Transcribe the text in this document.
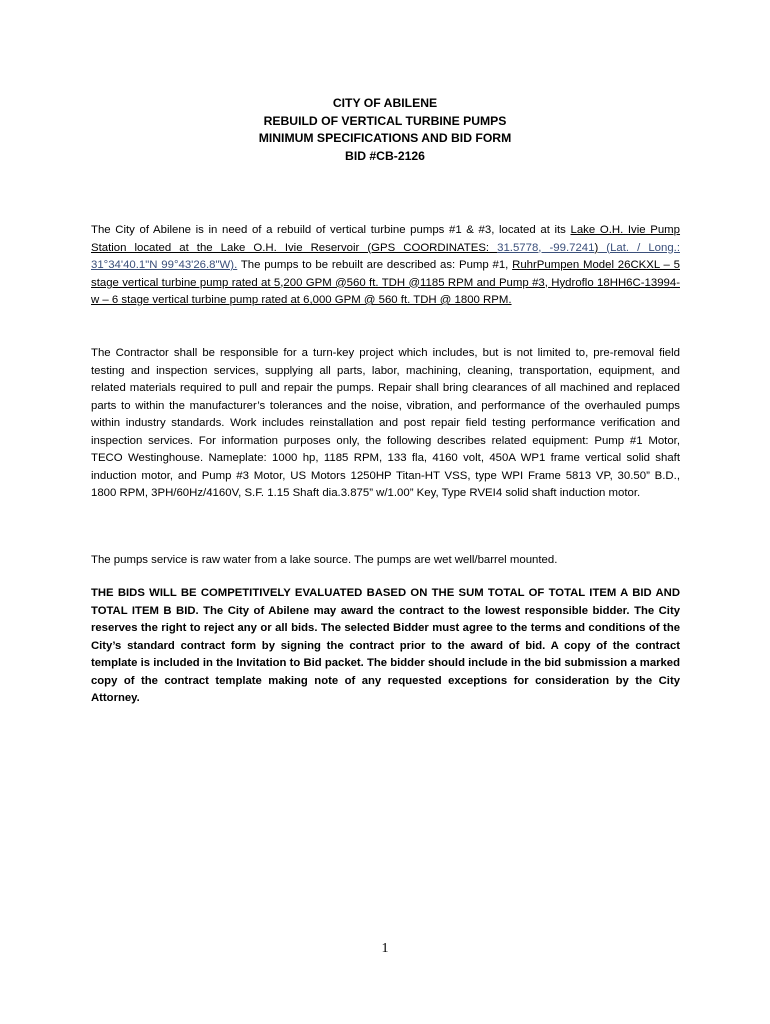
CITY OF ABILENE
REBUILD OF VERTICAL TURBINE PUMPS
MINIMUM SPECIFICATIONS AND BID FORM
BID #CB-2126

The City of Abilene is in need of a rebuild of vertical turbine pumps #1 & #3, located at its Lake O.H. Ivie Pump Station located at the Lake O.H. Ivie Reservoir (GPS COORDINATES: 31.5778, -99.7241) (Lat. / Long.: 31°34'40.1"N 99°43'26.8"W). The pumps to be rebuilt are described as: Pump #1, RuhrPumpen Model 26CKXL – 5 stage vertical turbine pump rated at 5,200 GPM @560 ft. TDH @1185 RPM and Pump #3, Hydroflo 18HH6C-13994-w – 6 stage vertical turbine pump rated at 6,000 GPM @ 560 ft. TDH @ 1800 RPM.

The Contractor shall be responsible for a turn-key project which includes, but is not limited to, pre-removal field testing and inspection services, supplying all parts, labor, machining, cleaning, transportation, equipment, and related materials required to pull and repair the pumps. Repair shall bring clearances of all machined and replaced parts to within the manufacturer’s tolerances and the noise, vibration, and performance of the overhauled pumps within industry standards. Work includes reinstallation and post repair field testing performance verification and inspection services. For information purposes only, the following describes related equipment: Pump #1 Motor, TECO Westinghouse. Nameplate: 1000 hp, 1185 RPM, 133 fla, 4160 volt, 450A WP1 frame vertical solid shaft induction motor, and Pump #3 Motor, US Motors 1250HP Titan-HT VSS, type WPI Frame 5813 VP, 30.50” B.D., 1800 RPM, 3PH/60Hz/4160V, S.F. 1.15 Shaft dia.3.875” w/1.00” Key, Type RVEI4 solid shaft induction motor.

The pumps service is raw water from a lake source. The pumps are wet well/barrel mounted.

THE BIDS WILL BE COMPETITIVELY EVALUATED BASED ON THE SUM TOTAL OF TOTAL ITEM A BID AND TOTAL ITEM B BID. The City of Abilene may award the contract to the lowest responsible bidder. The City reserves the right to reject any or all bids. The selected Bidder must agree to the terms and conditions of the City’s standard contract form by signing the contract prior to the award of bid. A copy of the contract template is included in the Invitation to Bid packet. The bidder should include in the bid submission a marked copy of the contract template making note of any requested exceptions for consideration by the City Attorney.

1
